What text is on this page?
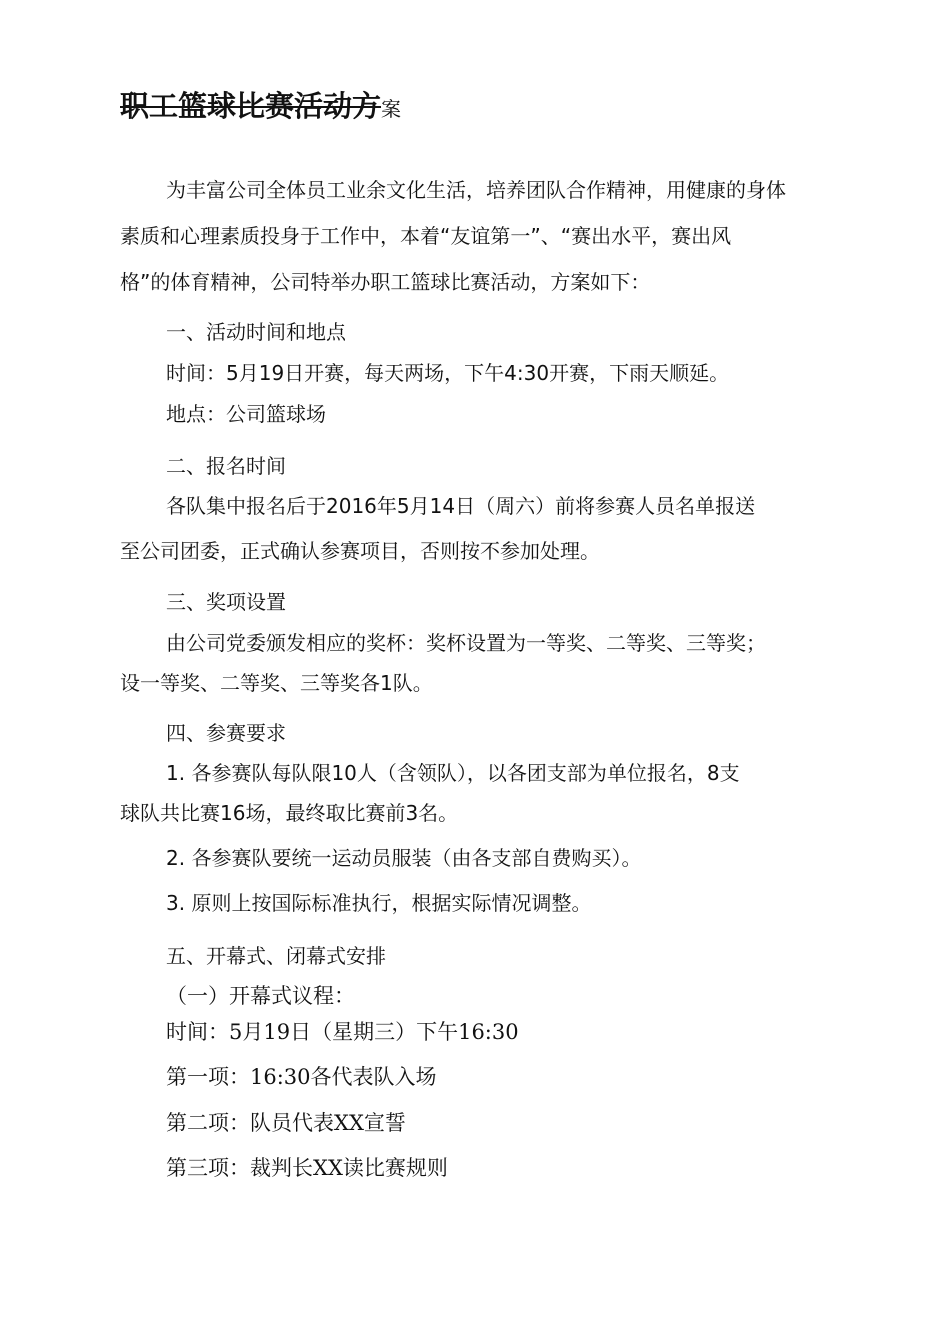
职工篮球比赛活动方案
为丰富公司全体员工业余文化生活，培养团队合作精神，用健康的身体
素质和心理素质投身于工作中，本着“友谊第一”、“赛出水平，赛出风
格”的体育精神，公司特举办职工篮球比赛活动，方案如下：
一、活动时间和地点
时间：5月19日开赛，每天两场，下午4:30开赛，下雨天顺延。
地点：公司篮球场
二、报名时间
各队集中报名后于2016年5月14日（周六）前将参赛人员名单报送
至公司团委，正式确认参赛项目，否则按不参加处理。
三、奖项设置
由公司党委颁发相应的奖杯：奖杯设置为一等奖、二等奖、三等奖；
设一等奖、二等奖、三等奖各1队。
四、参赛要求
1. 各参赛队每队限10人（含领队），以各团支部为单位报名，8支
球队共比赛16场，最终取比赛前3名。
2. 各参赛队要统一运动员服装（由各支部自费购买）。
3. 原则上按国际标准执行，根据实际情况调整。
五、开幕式、闭幕式安排
（一）开幕式议程：
时间：5月19日（星期三）下午16:30
第一项：16:30各代表队入场
第二项：队员代表XX宣誓
第三项：裁判长XX读比赛规则
